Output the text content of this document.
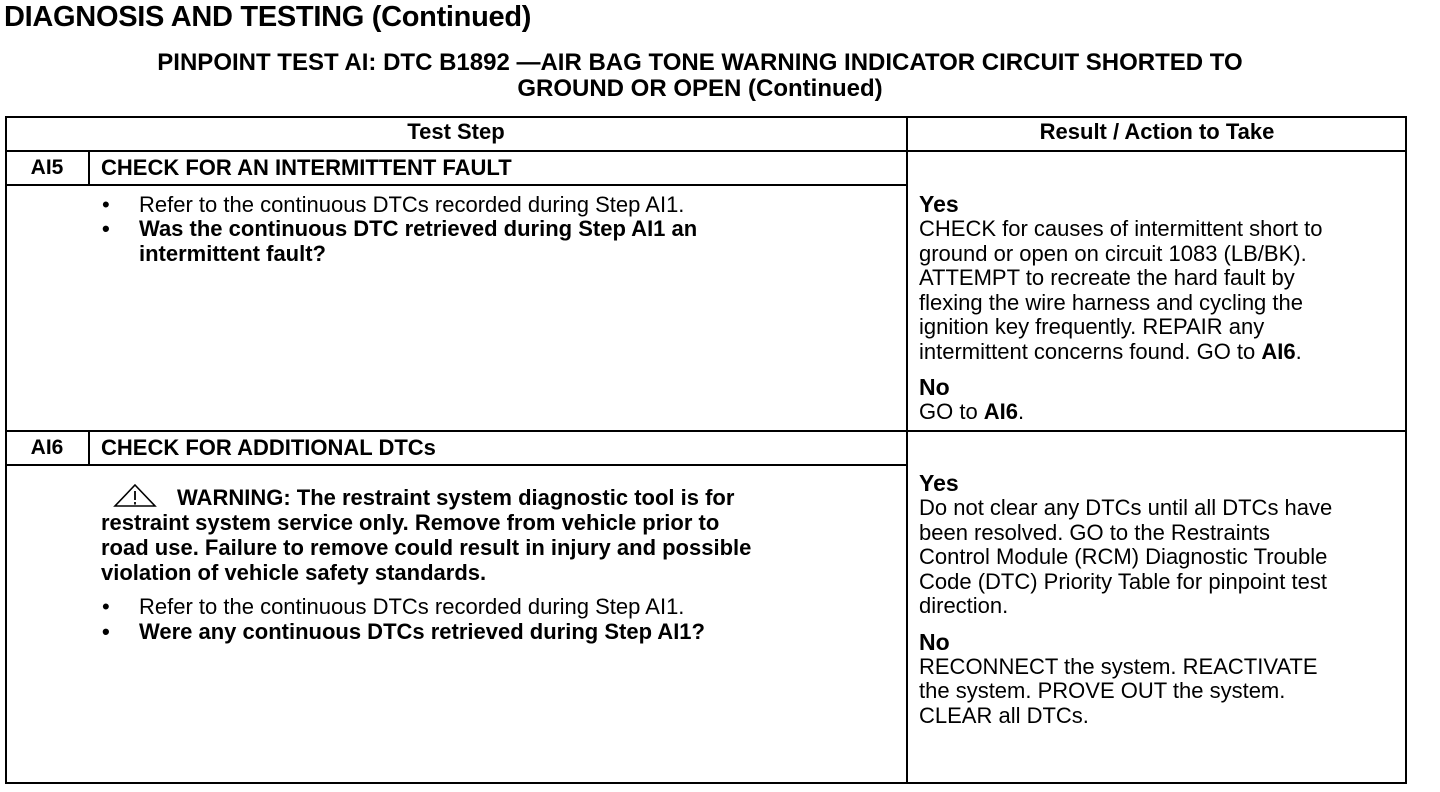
DIAGNOSIS AND TESTING (Continued)
PINPOINT TEST AI: DTC B1892 —AIR BAG TONE WARNING INDICATOR CIRCUIT SHORTED TO
GROUND OR OPEN (Continued)
Test Step	Result / Action to Take
AI5	CHECK FOR AN INTERMITTENT FAULT
• Refer to the continuous DTCs recorded during Step AI1.
• Was the continuous DTC retrieved during Step AI1 an
intermittent fault?
Yes
CHECK for causes of intermittent short to
ground or open on circuit 1083 (LB/BK).
ATTEMPT to recreate the hard fault by
flexing the wire harness and cycling the
ignition key frequently. REPAIR any
intermittent concerns found. GO to AI6.
No
GO to AI6.
AI6	CHECK FOR ADDITIONAL DTCs
WARNING: The restraint system diagnostic tool is for
restraint system service only. Remove from vehicle prior to
road use. Failure to remove could result in injury and possible
violation of vehicle safety standards.
• Refer to the continuous DTCs recorded during Step AI1.
• Were any continuous DTCs retrieved during Step AI1?
Yes
Do not clear any DTCs until all DTCs have
been resolved. GO to the Restraints
Control Module (RCM) Diagnostic Trouble
Code (DTC) Priority Table for pinpoint test
direction.
No
RECONNECT the system. REACTIVATE
the system. PROVE OUT the system.
CLEAR all DTCs.
